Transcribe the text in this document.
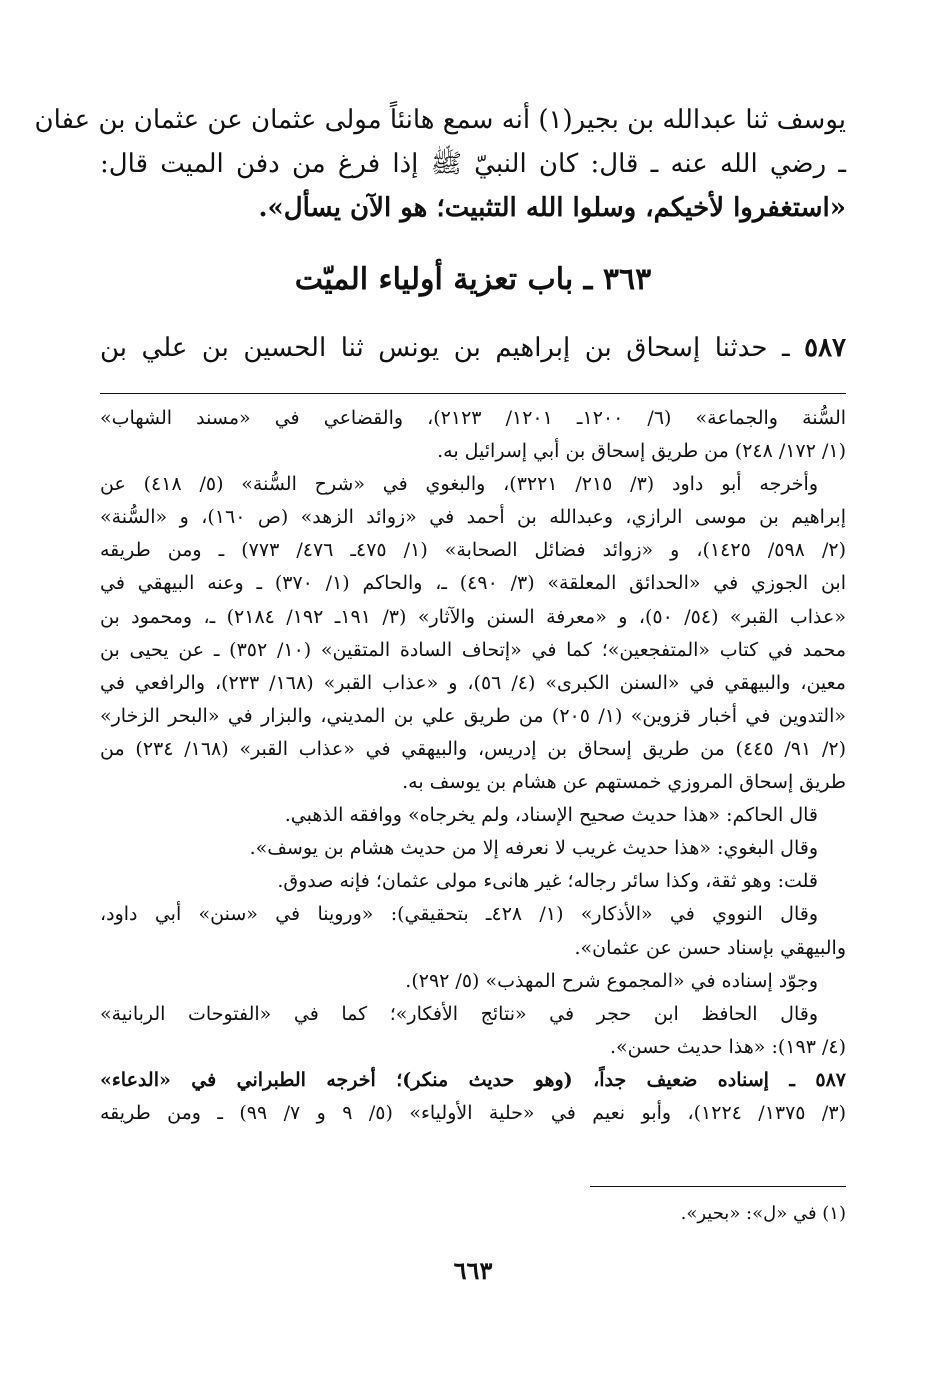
يوسف ثنا عبدالله بن بجير(١) أنه سمع هانئاً مولى عثمان عن عثمان بن عفان
ـ رضي الله عنه ـ قال: كان النبيّ ﷺ إذا فرغ من دفن الميت قال:
«استغفروا لأخيكم، وسلوا الله التثبيت؛ هو الآن يسأل».
٣٦٣ ـ باب تعزية أولياء الميّت
٥٨٧ ـ حدثنا إسحاق بن إبراهيم بن يونس ثنا الحسين بن علي بن
السُّنة والجماعة» (٦/ ١٢٠٠ـ ١٢٠١/ ٢١٢٣)، والقضاعي في «مسند الشهاب»
(١/ ١٧٢/ ٢٤٨) من طريق إسحاق بن أبي إسرائيل به.
وأخرجه أبو داود (٣/ ٢١٥/ ٣٢٢١)، والبغوي في «شرح السُّنة» (٥/ ٤١٨) عن
إبراهيم بن موسى الرازي، وعبدالله بن أحمد في «زوائد الزهد» (ص ١٦٠)، و «السُّنة»
(٢/ ٥٩٨/ ١٤٢٥)، و «زوائد فضائل الصحابة» (١/ ٤٧٥ـ ٤٧٦/ ٧٧٣) ـ ومن طريقه
ابن الجوزي في «الحدائق المعلقة» (٣/ ٤٩٠) ـ، والحاكم (١/ ٣٧٠) ـ وعنه البيهقي في
«عذاب القبر» (٥٤/ ٥٠)، و «معرفة السنن والآثار» (٣/ ١٩١ـ ١٩٢/ ٢١٨٤) ـ، ومحمود بن
محمد في كتاب «المتفجعين»؛ كما في «إتحاف السادة المتقين» (١٠/ ٣٥٢) ـ عن يحيى بن
معين، والبيهقي في «السنن الكبرى» (٤/ ٥٦)، و «عذاب القبر» (١٦٨/ ٢٣٣)، والرافعي في
«التدوين في أخبار قزوين» (١/ ٢٠٥) من طريق علي بن المديني، والبزار في «البحر الزخار»
(٢/ ٩١/ ٤٤٥) من طريق إسحاق بن إدريس، والبيهقي في «عذاب القبر» (١٦٨/ ٢٣٤) من
طريق إسحاق المروزي خمستهم عن هشام بن يوسف به.
قال الحاكم: «هذا حديث صحيح الإسناد، ولم يخرجاه» ووافقه الذهبي.
وقال البغوي: «هذا حديث غريب لا نعرفه إلا من حديث هشام بن يوسف».
قلت: وهو ثقة، وكذا سائر رجاله؛ غير هانىء مولى عثمان؛ فإنه صدوق.
وقال النووي في «الأذكار» (١/ ٤٢٨ـ بتحقيقي): «وروينا في «سنن» أبي داود،
والبيهقي بإسناد حسن عن عثمان».
وجوّد إسناده في «المجموع شرح المهذب» (٥/ ٢٩٢).
وقال الحافظ ابن حجر في «نتائج الأفكار»؛ كما في «الفتوحات الربانية»
(٤/ ١٩٣): «هذا حديث حسن».
٥٨٧ ـ إسناده ضعيف جداً، (وهو حديث منكر)؛ أخرجه الطبراني في «الدعاء»
(٣/ ١٣٧٥/ ١٢٢٤)، وأبو نعيم في «حلية الأولياء» (٥/ ٩ و ٧/ ٩٩) ـ ومن طريقه
(١) في «ل»: «بحير».
٦٦٣
